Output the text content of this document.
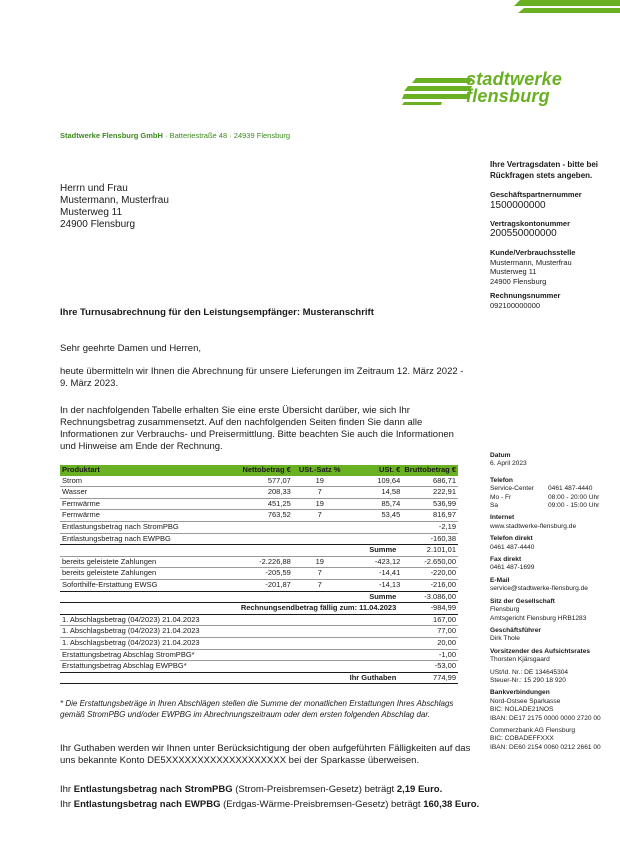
stadtwerke
flensburg
Stadtwerke Flensburg GmbH · Batteriestraße 48 · 24939 Flensburg
Herrn und Frau
Mustermann, Musterfrau
Musterweg 11
24900 Flensburg
Ihre Vertragsdaten - bitte bei
Rückfragen stets angeben.
Geschäftspartnernummer
1500000000
Vertragskontonummer
200550000000
Kunde/Verbrauchsstelle
Mustermann, Musterfrau
Musterweg 11
24900 Flensburg
Rechnungsnummer
092100000000
Datum
6. April 2023
Telefon
Service-Center	0461 487-4440
Mo - Fr	08:00 - 20:00 Uhr
Sa	09:00 - 15:00 Uhr
Internet
www.stadtwerke-flensburg.de
Telefon direkt
0461 487-4440
Fax direkt
0461 487-1699
E-Mail
service@stadtwerke-flensburg.de
Sitz der Gesellschaft
Flensburg
Amtsgericht Flensburg HRB1283
Geschäftsführer
Dirk Thole
Vorsitzender des Aufsichtsrates
Thorsten Kjärsgaard
USt/Id. Nr.: DE 134645304
Steuer-Nr.: 15 290 18 920
Bankverbindungen
Nord-Ostsee Sparkasse
BIC: NOLADE21NOS
IBAN: DE17 2175 0000 0000 2720 00
Commerzbank AG Flensburg
BIC: COBADEFFXXX
IBAN: DE60 2154 0060 0212 2661 00
Ihre Turnusabrechnung für den Leistungsempfänger: Musteranschrift
Sehr geehrte Damen und Herren,
heute übermitteln wir Ihnen die Abrechnung für unsere Lieferungen im Zeitraum 12. März 2022 - 9. März 2023.
In der nachfolgenden Tabelle erhalten Sie eine erste Übersicht darüber, wie sich Ihr Rechnungsbetrag zusammensetzt. Auf den nachfolgenden Seiten finden Sie dann alle Informationen zur Verbrauchs- und Preisermittlung. Bitte beachten Sie auch die Informationen und Hinweise am Ende der Rechnung.
Produktart	Nettobetrag €	USt.-Satz %	USt. €	Bruttobetrag €
Strom	577,07	19	109,64	686,71
Wasser	208,33	7	14,58	222,91
Fernwärme	451,25	19	85,74	536,99
Fernwärme	763,52	7	53,45	816,97
Entlastungsbetrag nach StromPBG				-2,19
Entlastungsbetrag nach EWPBG				-160,38
Summe				2.101,01
bereits geleistete Zahlungen	-2.226,88	19	-423,12	-2.650,00
bereits geleistete Zahlungen	-205,59	7	-14,41	-220,00
Soforthilfe-Erstattung EWSG	-201,87	7	-14,13	-216,00
Summe				-3.086,00
Rechnungsendbetrag fällig zum: 11.04.2023				-984,99
1. Abschlagsbetrag (04/2023) 21.04.2023				167,00
1. Abschlagsbetrag (04/2023) 21.04.2023				77,00
1. Abschlagsbetrag (04/2023) 21.04.2023				20,00
Erstattungsbetrag Abschlag StromPBG*				-1,00
Erstattungsbetrag Abschlag EWPBG*				-53,00
Ihr Guthaben				774,99
* Die Erstattungsbeträge in Ihren Abschlägen stellen die Summe der monatlichen Erstattungen Ihres Abschlags gemäß StromPBG und/oder EWPBG im Abrechnungszeitraum oder dem ersten folgenden Abschlag dar.
Ihr Guthaben werden wir Ihnen unter Berücksichtigung der oben aufgeführten Fälligkeiten auf das uns bekannte Konto DE5XXXXXXXXXXXXXXXXXXX bei der Sparkasse überweisen.
Ihr Entlastungsbetrag nach StromPBG (Strom-Preisbremsen-Gesetz) beträgt 2,19 Euro.
Ihr Entlastungsbetrag nach EWPBG (Erdgas-Wärme-Preisbremsen-Gesetz) beträgt 160,38 Euro.
